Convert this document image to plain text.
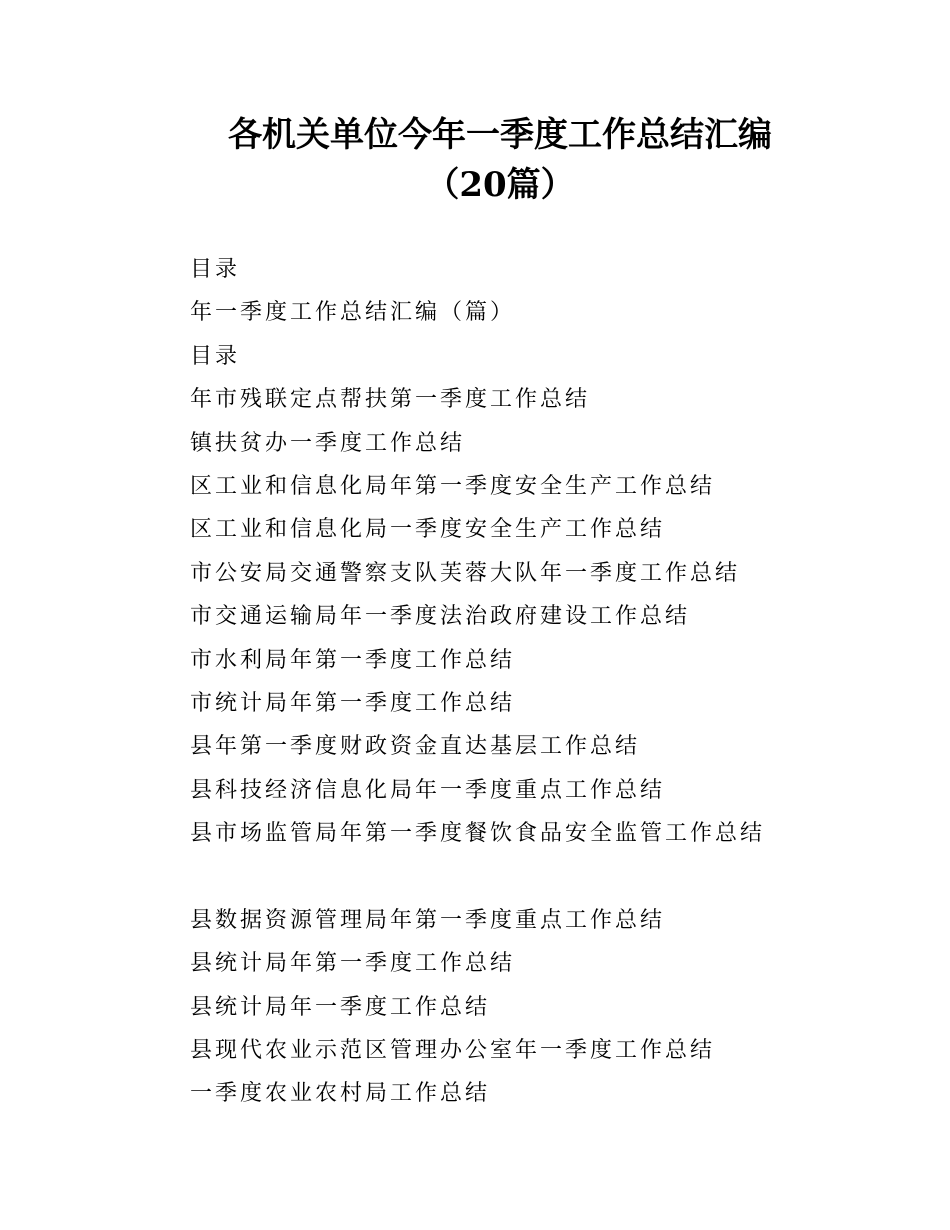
各机关单位今年一季度工作总结汇编
（20篇）
目录
年一季度工作总结汇编（篇）
目录
年市残联定点帮扶第一季度工作总结
镇扶贫办一季度工作总结
区工业和信息化局年第一季度安全生产工作总结
区工业和信息化局一季度安全生产工作总结
市公安局交通警察支队芙蓉大队年一季度工作总结
市交通运输局年一季度法治政府建设工作总结
市水利局年第一季度工作总结
市统计局年第一季度工作总结
县年第一季度财政资金直达基层工作总结
县科技经济信息化局年一季度重点工作总结
县市场监管局年第一季度餐饮食品安全监管工作总结
县数据资源管理局年第一季度重点工作总结
县统计局年第一季度工作总结
县统计局年一季度工作总结
县现代农业示范区管理办公室年一季度工作总结
一季度农业农村局工作总结
